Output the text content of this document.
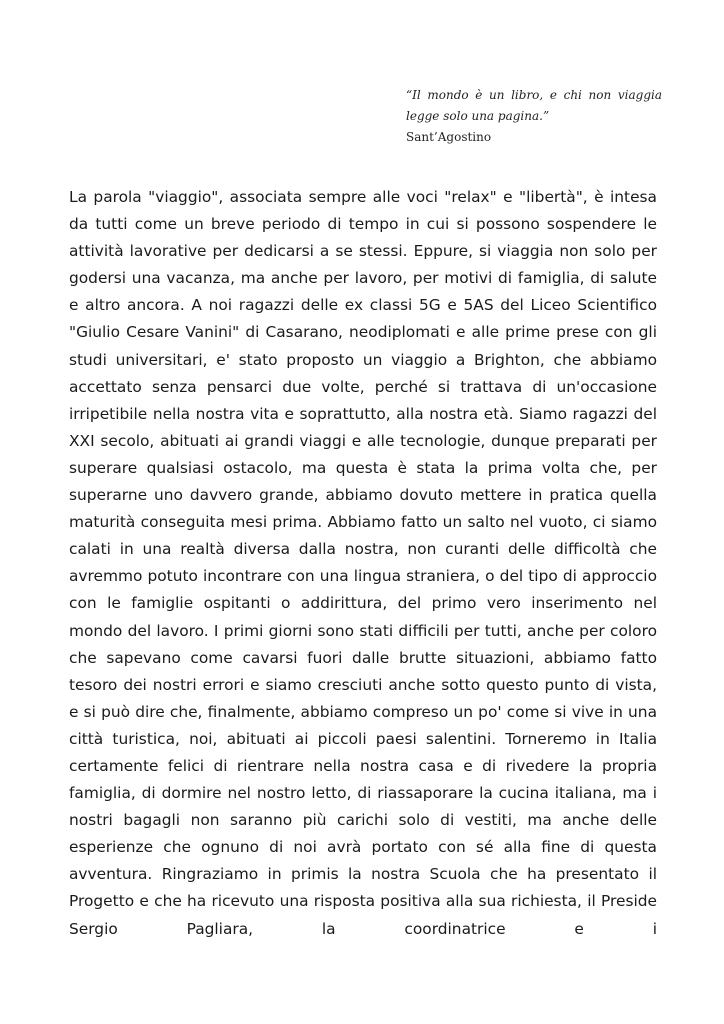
“Il mondo è un libro, e chi non viaggia legge solo una pagina.”
Sant’Agostino

La parola "viaggio", associata sempre alle voci "relax" e "libertà", è intesa da tutti come un breve periodo di tempo in cui si possono sospendere le attività lavorative per dedicarsi a se stessi. Eppure, si viaggia non solo per godersi una vacanza, ma anche per lavoro, per motivi di famiglia, di salute e altro ancora. A noi ragazzi delle ex classi 5G e 5AS del Liceo Scientifico "Giulio Cesare Vanini" di Casarano, neodiplomati e alle prime prese con gli studi universitari, e' stato proposto un viaggio a Brighton, che abbiamo accettato senza pensarci due volte, perché si trattava di un'occasione irripetibile nella nostra vita e soprattutto, alla nostra età. Siamo ragazzi del XXI secolo, abituati ai grandi viaggi e alle tecnologie, dunque preparati per superare qualsiasi ostacolo, ma questa è stata la prima volta che, per superarne uno davvero grande, abbiamo dovuto mettere in pratica quella maturità conseguita mesi prima. Abbiamo fatto un salto nel vuoto, ci siamo calati in una realtà diversa dalla nostra, non curanti delle difficoltà che avremmo potuto incontrare con una lingua straniera, o del tipo di approccio con le famiglie ospitanti o addirittura, del primo vero inserimento nel mondo del lavoro. I primi giorni sono stati difficili per tutti, anche per coloro che sapevano come cavarsi fuori dalle brutte situazioni, abbiamo fatto tesoro dei nostri errori e siamo cresciuti anche sotto questo punto di vista, e si può dire che, finalmente, abbiamo compreso un po' come si vive in una città turistica, noi, abituati ai piccoli paesi salentini. Torneremo in Italia certamente felici di rientrare nella nostra casa e di rivedere la propria famiglia, di dormire nel nostro letto, di riassaporare la cucina italiana, ma i nostri bagagli non saranno più carichi solo di vestiti, ma anche delle esperienze che ognuno di noi avrà portato con sé alla fine di questa avventura. Ringraziamo in primis la nostra Scuola che ha presentato il Progetto e che ha ricevuto una risposta positiva alla sua richiesta, il Preside Sergio Pagliara, la coordinatrice e i
